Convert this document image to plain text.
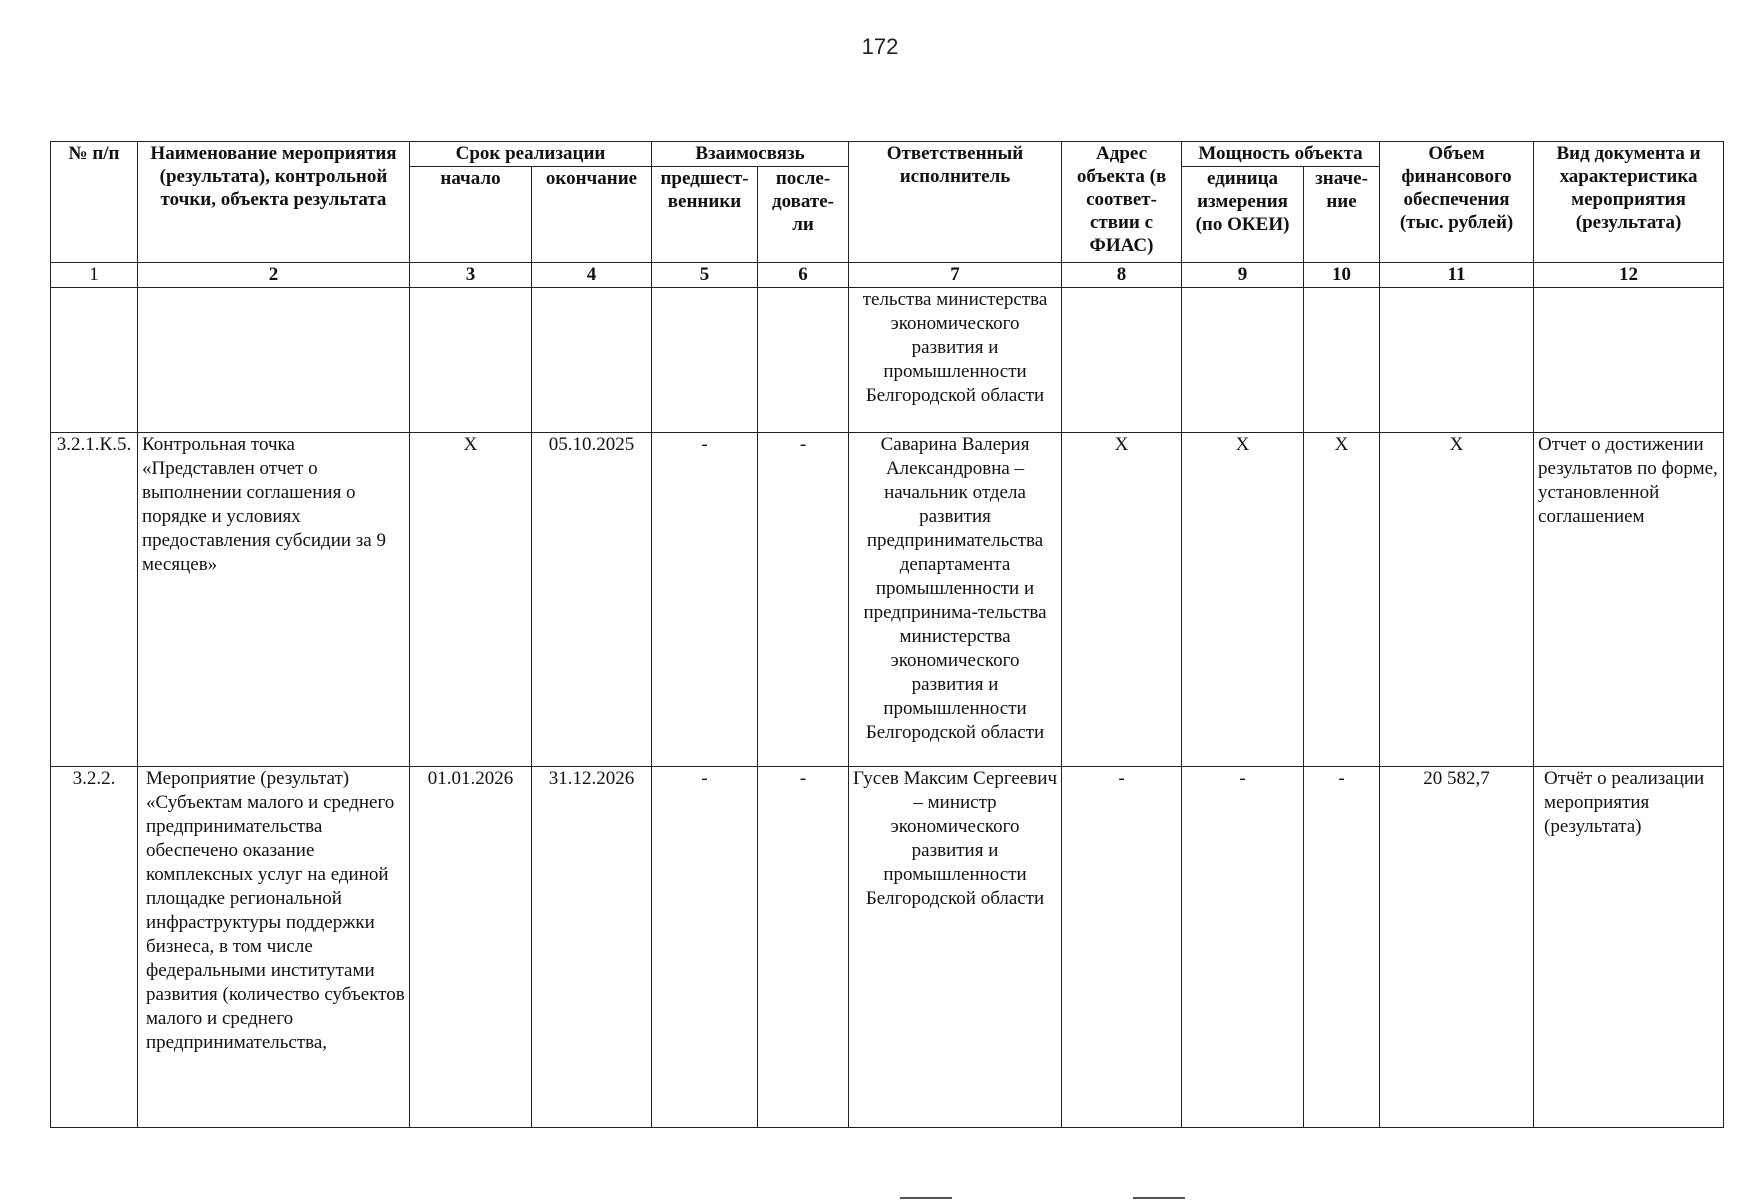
172
№ п/п	Наименование мероприятия (результата), контрольной точки, объекта результата	Срок реализации		Взаимосвязь		Ответственный исполнитель	Адрес объекта (в соответ-ствии с ФИАС)	Мощность объекта		Объем финансового обеспечения (тыс. рублей)	Вид документа и характеристика мероприятия (результата)
		начало	окончание	предшест-венники	после-довате-ли			единица измерения (по ОКЕИ)	значе-ние		
1	2	3	4	5	6	7	8	9	10	11	12
						тельства министерства экономического развития и промышленности Белгородской области					
3.2.1.К.5.	Контрольная точка «Представлен отчет о выполнении соглашения о порядке и условиях предоставления субсидии за 9 месяцев»	X	05.10.2025	-	-	Саварина Валерия Александровна – начальник отдела развития предпринимательства департамента промышленности и предпринима-тельства министерства экономического развития и промышленности Белгородской области	X	X	X	X	Отчет о достижении результатов по форме, установленной соглашением
3.2.2.	Мероприятие (результат) «Субъектам малого и среднего предпринимательства обеспечено оказание комплексных услуг на единой площадке региональной инфраструктуры поддержки бизнеса, в том числе федеральными институтами развития (количество субъектов малого и среднего предпринимательства,	01.01.2026	31.12.2026	-	-	Гусев Максим Сергеевич – министр экономического развития и промышленности Белгородской области	-	-	-	20 582,7	Отчёт о реализации мероприятия (результата)
